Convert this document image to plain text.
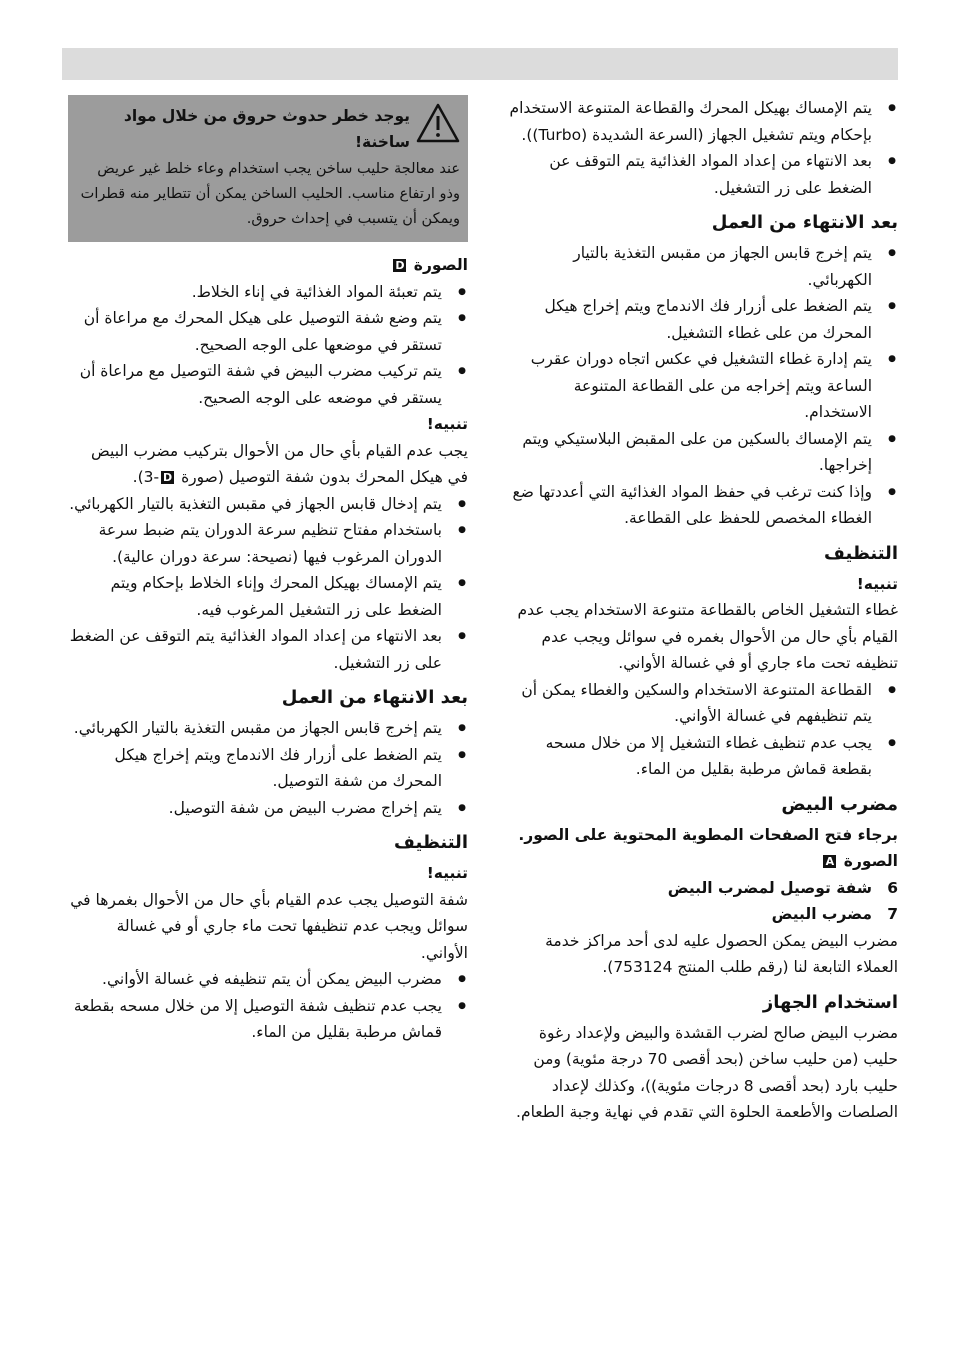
● يتم الإمساك بهيكل المحرك والقطاعة المتنوعة الاستخدام بإحكام ويتم تشغيل الجهاز (السرعة الشديدة (Turbo)).
● بعد الانتهاء من إعداد المواد الغذائية يتم التوقف عن الضغط على زر التشغيل.
بعد الانتهاء من العمل
● يتم إخرج قابس الجهاز من مقبس التغذية بالتيار الكهربائي.
● يتم الضغط على أزرار فك الاندماج ويتم إخراج هيكل المحرك من على غطاء التشغيل.
● يتم إدارة غطاء التشغيل في عكس اتجاه دوران عقرب الساعة ويتم إخراجه من على القطاعة المتنوعة الاستخدام.
● يتم الإمساك بالسكين من على المقبض البلاستيكي ويتم إخراجها.
● وإذا كنت ترغب في حفظ المواد الغذائية التي أعددتها ضع الغطاء المخصص للحفظ على القطاعة.
التنظيف
تنبيه!

غطاء التشغيل الخاص بالقطاعة متنوعة الاستخدام يجب عدم القيام بأي حال من الأحوال بغمره في سوائل ويجب عدم تنظيفه تحت ماء جاري أو في غسالة الأواني.

● القطاعة المتنوعة الاستخدام والسكين والغطاء يمكن أن يتم تنظيفهم في غسالة الأواني.
● يجب عدم تنظيف غطاء التشغيل إلا من خلال مسحه بقطعة قماش مرطبة بقليل من الماء.
مضرب البيض
برجاء فتح الصفحات المطوية المحتوية على الصور.
الصورة A
6
شفة توصيل لمضرب البيض
7
مضرب البيض

مضرب البيض يمكن الحصول عليه لدى أحد مراكز خدمة العملاء التابعة لنا (رقم طلب المنتج 753124).

استخدام الجهاز

مضرب البيض صالح لضرب القشدة والبيض ولإعداد رغوة حليب (من حليب ساخن (بحد أقصى 70 درجة مئوية) ومن حليب بارد (بحد أقصى 8 درجات مئوية))، وكذلك لإعداد الصلصات والأطعمة الحلوة التي تقدم في نهاية وجبة الطعام.

يوجد خطر حدوث حروق من خلال مواد ساخنة!
عند معالجة حليب ساخن يجب استخدام وعاء خلط غير عريض وذو ارتفاع مناسب. الحليب الساخن يمكن أن تتطاير منه قطرات ويمكن أن يتسبب في إحداث حروق.
الصورة D
● يتم تعبئة المواد الغذائية في إناء الخلاط.
● يتم وضع شفة التوصيل على هيكل المحرك مع مراعاة أن تستقر في موضعها على الوجه الصحيح.
● يتم تركيب مضرب البيض في شفة التوصيل مع مراعاة أن يستقر في موضعه على الوجه الصحيح.
تنبيه!

يجب عدم القيام بأي حال من الأحوال بتركيب مضرب البيض في هيكل المحرك بدون شفة التوصيل (صورة D-3).

● يتم إدخال قابس الجهاز في مقبس التغذية بالتيار الكهربائي.
● باستخدام مفتاح تنظيم سرعة الدوران يتم ضبط سرعة الدوران المرغوب فيها (نصيحة: سرعة دوران عالية).
● يتم الإمساك بهيكل المحرك وإناء الخلاط بإحكام ويتم الضغط على زر التشغيل المرغوب فيه.
● بعد الانتهاء من إعداد المواد الغذائية يتم التوقف عن الضغط على زر التشغيل.
بعد الانتهاء من العمل
● يتم إخرج قابس الجهاز من مقبس التغذية بالتيار الكهربائي.
● يتم الضغط على أزرار فك الاندماج ويتم إخراج هيكل المحرك من شفة التوصيل.
● يتم إخراج مضرب البيض من شفة التوصيل.
التنظيف
تنبيه!

شفة التوصيل يجب عدم القيام بأي حال من الأحوال بغمرها في سوائل ويجب عدم تنظيفها تحت ماء جاري أو في غسالة الأواني.

● مضرب البيض يمكن أن يتم تنظيفه في غسالة الأواني.
● يجب عدم تنظيف شفة التوصيل إلا من خلال مسحه بقطعة قماش مرطبة بقليل من الماء.
